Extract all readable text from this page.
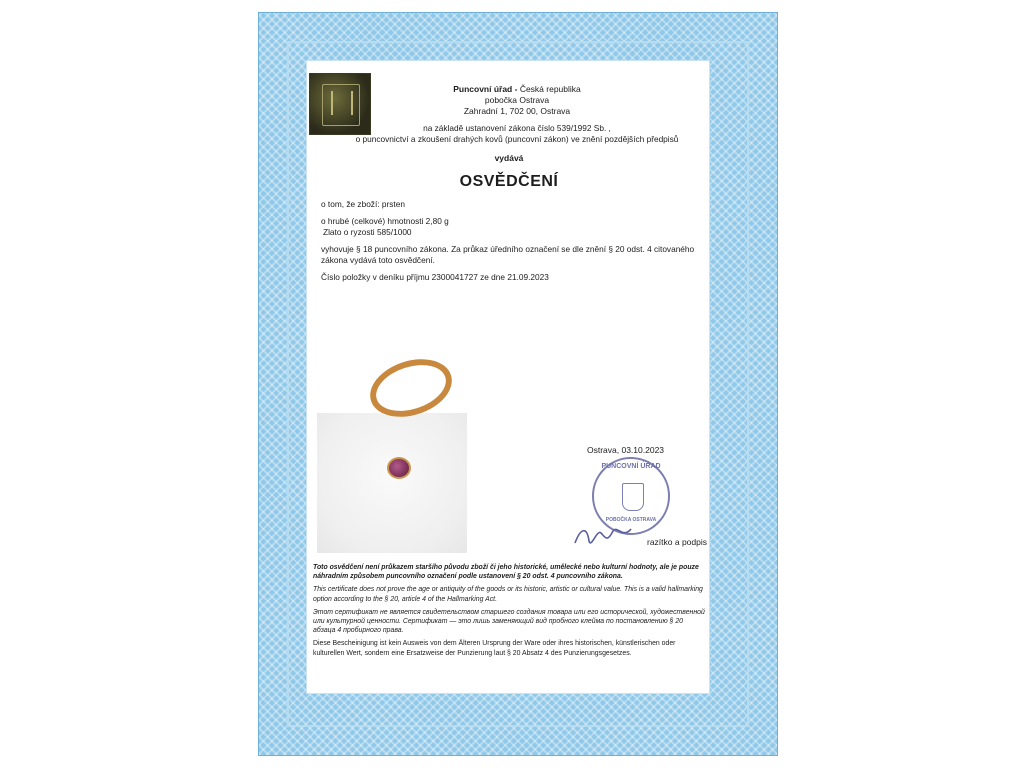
Puncovní úřad - Česká republika
pobočka Ostrava
Zahradní 1, 702 00, Ostrava
na základě ustanovení zákona číslo 539/1992 Sb. ,
o puncovnictví a zkoušení drahých kovů (puncovní zákon) ve znění pozdějších předpisů
vydává
OSVĚDČENÍ
o tom, že zboží: prsten
o hrubé (celkové) hmotnosti 2,80 g
Zlato o ryzosti 585/1000
vyhovuje § 18 puncovního zákona. Za průkaz úředního označení se dle znění § 20 odst. 4 citovaného zákona vydává toto osvědčení.
Číslo položky v deníku příjmu 2300041727 ze dne 21.09.2023
Ostrava, 03.10.2023
PUNCOVNÍ ÚŘAD
POBOČKA OSTRAVA
razítko a podpis
Toto osvědčení není průkazem staršího původu zboží či jeho historické, umělecké nebo kulturní hodnoty, ale je pouze náhradním způsobem puncovního označení podle ustanovení § 20 odst. 4 puncovního zákona.
This certificate does not prove the age or antiquity of the goods or its historic, artistic or cultural value. This is a valid hallmarking option according to the § 20, article 4 of the Hallmarking Act.
Этот сертификат не является свидетельством старшего создания товара или его исторической, художественной или культурной ценности. Сертификат — это лишь заменяющий вид пробного клейма по постановлению § 20 абзаца 4 пробирного права.
Diese Bescheinigung ist kein Ausweis von dem Älteren Ursprung der Ware oder ihres historischen, künstlerischen oder kulturellen Wert, sondern eine Ersatzweise der Punzierung laut § 20 Absatz 4 des Punzierungsgesetzes.
